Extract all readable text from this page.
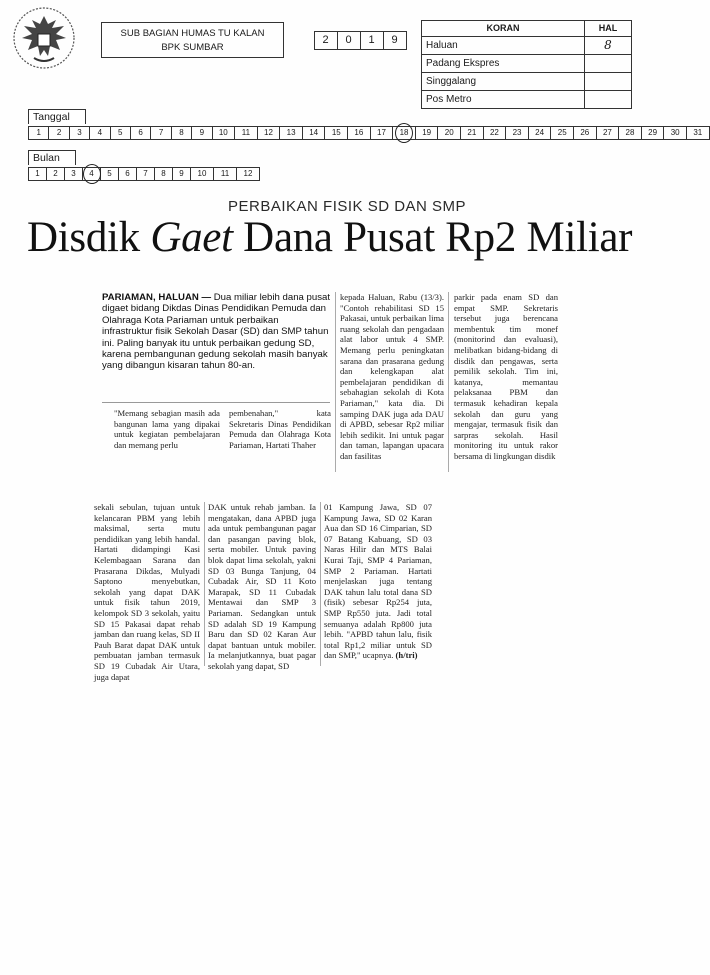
SUB BAGIAN HUMAS TU KALAN
BPK SUMBAR
2	0	1	9
KORAN	HAL
Haluan	8
Padang Ekspres
Singgalang
Pos Metro
Tanggal
1	2	3	4	5	6	7	8	9	10	11	12	13	14	15	16	17	18	19	20	21	22	23	24	25	26	27	28	29	30	31
Bulan
1	2	3	4	5	6	7	8	9	10	11	12
PERBAIKAN FISIK SD DAN SMP
Disdik Gaet Dana Pusat Rp2 Miliar
PARIAMAN, HALUAN — Dua miliar lebih dana pusat digaet bidang Dikdas Dinas Pendidikan Pemuda dan Olahraga Kota Pariaman untuk perbaikan infrastruktur fisik Sekolah Dasar (SD) dan SMP tahun ini. Paling banyak itu untuk perbaikan gedung SD, karena pembangunan gedung sekolah masih banyak yang dibangun kisaran tahun 80-an.
"Memang sebagian masih ada bangunan lama yang dipakai untuk kegiatan pembelajaran dan memang perlu
pembenahan," kata Sekretaris Dinas Pendidikan Pemuda dan Olahraga Kota Pariaman, Hartati Thaher
kepada Haluan, Rabu (13/3). "Contoh rehabilitasi SD 15 Pakasai, untuk perbaikan lima ruang sekolah dan pengadaan alat labor untuk 4 SMP. Memang perlu peningkatan sarana dan prasarana gedung dan kelengkapan alat pembelajaran pendidikan di sebahagian sekolah di Kota Pariaman," kata dia. Di samping DAK juga ada DAU di APBD, sebesar Rp2 miliar lebih sedikit. Ini untuk pagar dan taman, lapangan upacara dan fasilitas
parkir pada enam SD dan empat SMP. Sekretaris tersebut juga berencana membentuk tim monef (monitorind dan evaluasi), melibatkan bidang-bidang di disdik dan pengawas, serta pemilik sekolah. Tim ini, katanya, memantau pelaksanaa PBM dan termasuk kehadiran kepala sekolah dan guru yang mengajar, termasuk fisik dan sarpras sekolah. Hasil monitoring itu untuk rakor bersama di lingkungan disdik
sekali sebulan, tujuan untuk kelancaran PBM yang lebih maksimal, serta mutu pendidikan yang lebih handal. Hartati didampingi Kasi Kelembagaan Sarana dan Prasarana Dikdas, Mulyadi Saptono menyebutkan, sekolah yang dapat DAK untuk fisik tahun 2019, kelompok SD 3 sekolah, yaitu SD 15 Pakasai dapat rehab jamban dan ruang kelas, SD II Pauh Barat dapat DAK untuk pembuatan jamban termasuk SD 19 Cubadak Air Utara, juga dapat
DAK untuk rehab jamban. Ia mengatakan, dana APBD juga ada untuk pembangunan pagar dan pasangan paving blok, serta mobiler. Untuk paving blok dapat lima sekolah, yakni SD 03 Bunga Tanjung, 04 Cubadak Air, SD 11 Koto Marapak, SD 11 Cubadak Mentawai dan SMP 3 Pariaman. Sedangkan untuk SD adalah SD 19 Kampung Baru dan SD 02 Karan Aur dapat bantuan untuk mobiler. Ia melanjutkannya, buat pagar sekolah yang dapat, SD
01 Kampung Jawa, SD 07 Kampung Jawa, SD 02 Karan Aua dan SD 16 Cimparian, SD 07 Batang Kabuang, SD 03 Naras Hilir dan MTS Balai Kurai Taji, SMP 4 Pariaman, SMP 2 Pariaman. Hartati menjelaskan juga tentang DAK tahun lalu total dana SD (fisik) sebesar Rp254 juta, SMP Rp550 juta. Jadi total semuanya adalah Rp800 juta lebih. "APBD tahun lalu, fisik total Rp1,2 miliar untuk SD dan SMP," ucapnya. (h/tri)
